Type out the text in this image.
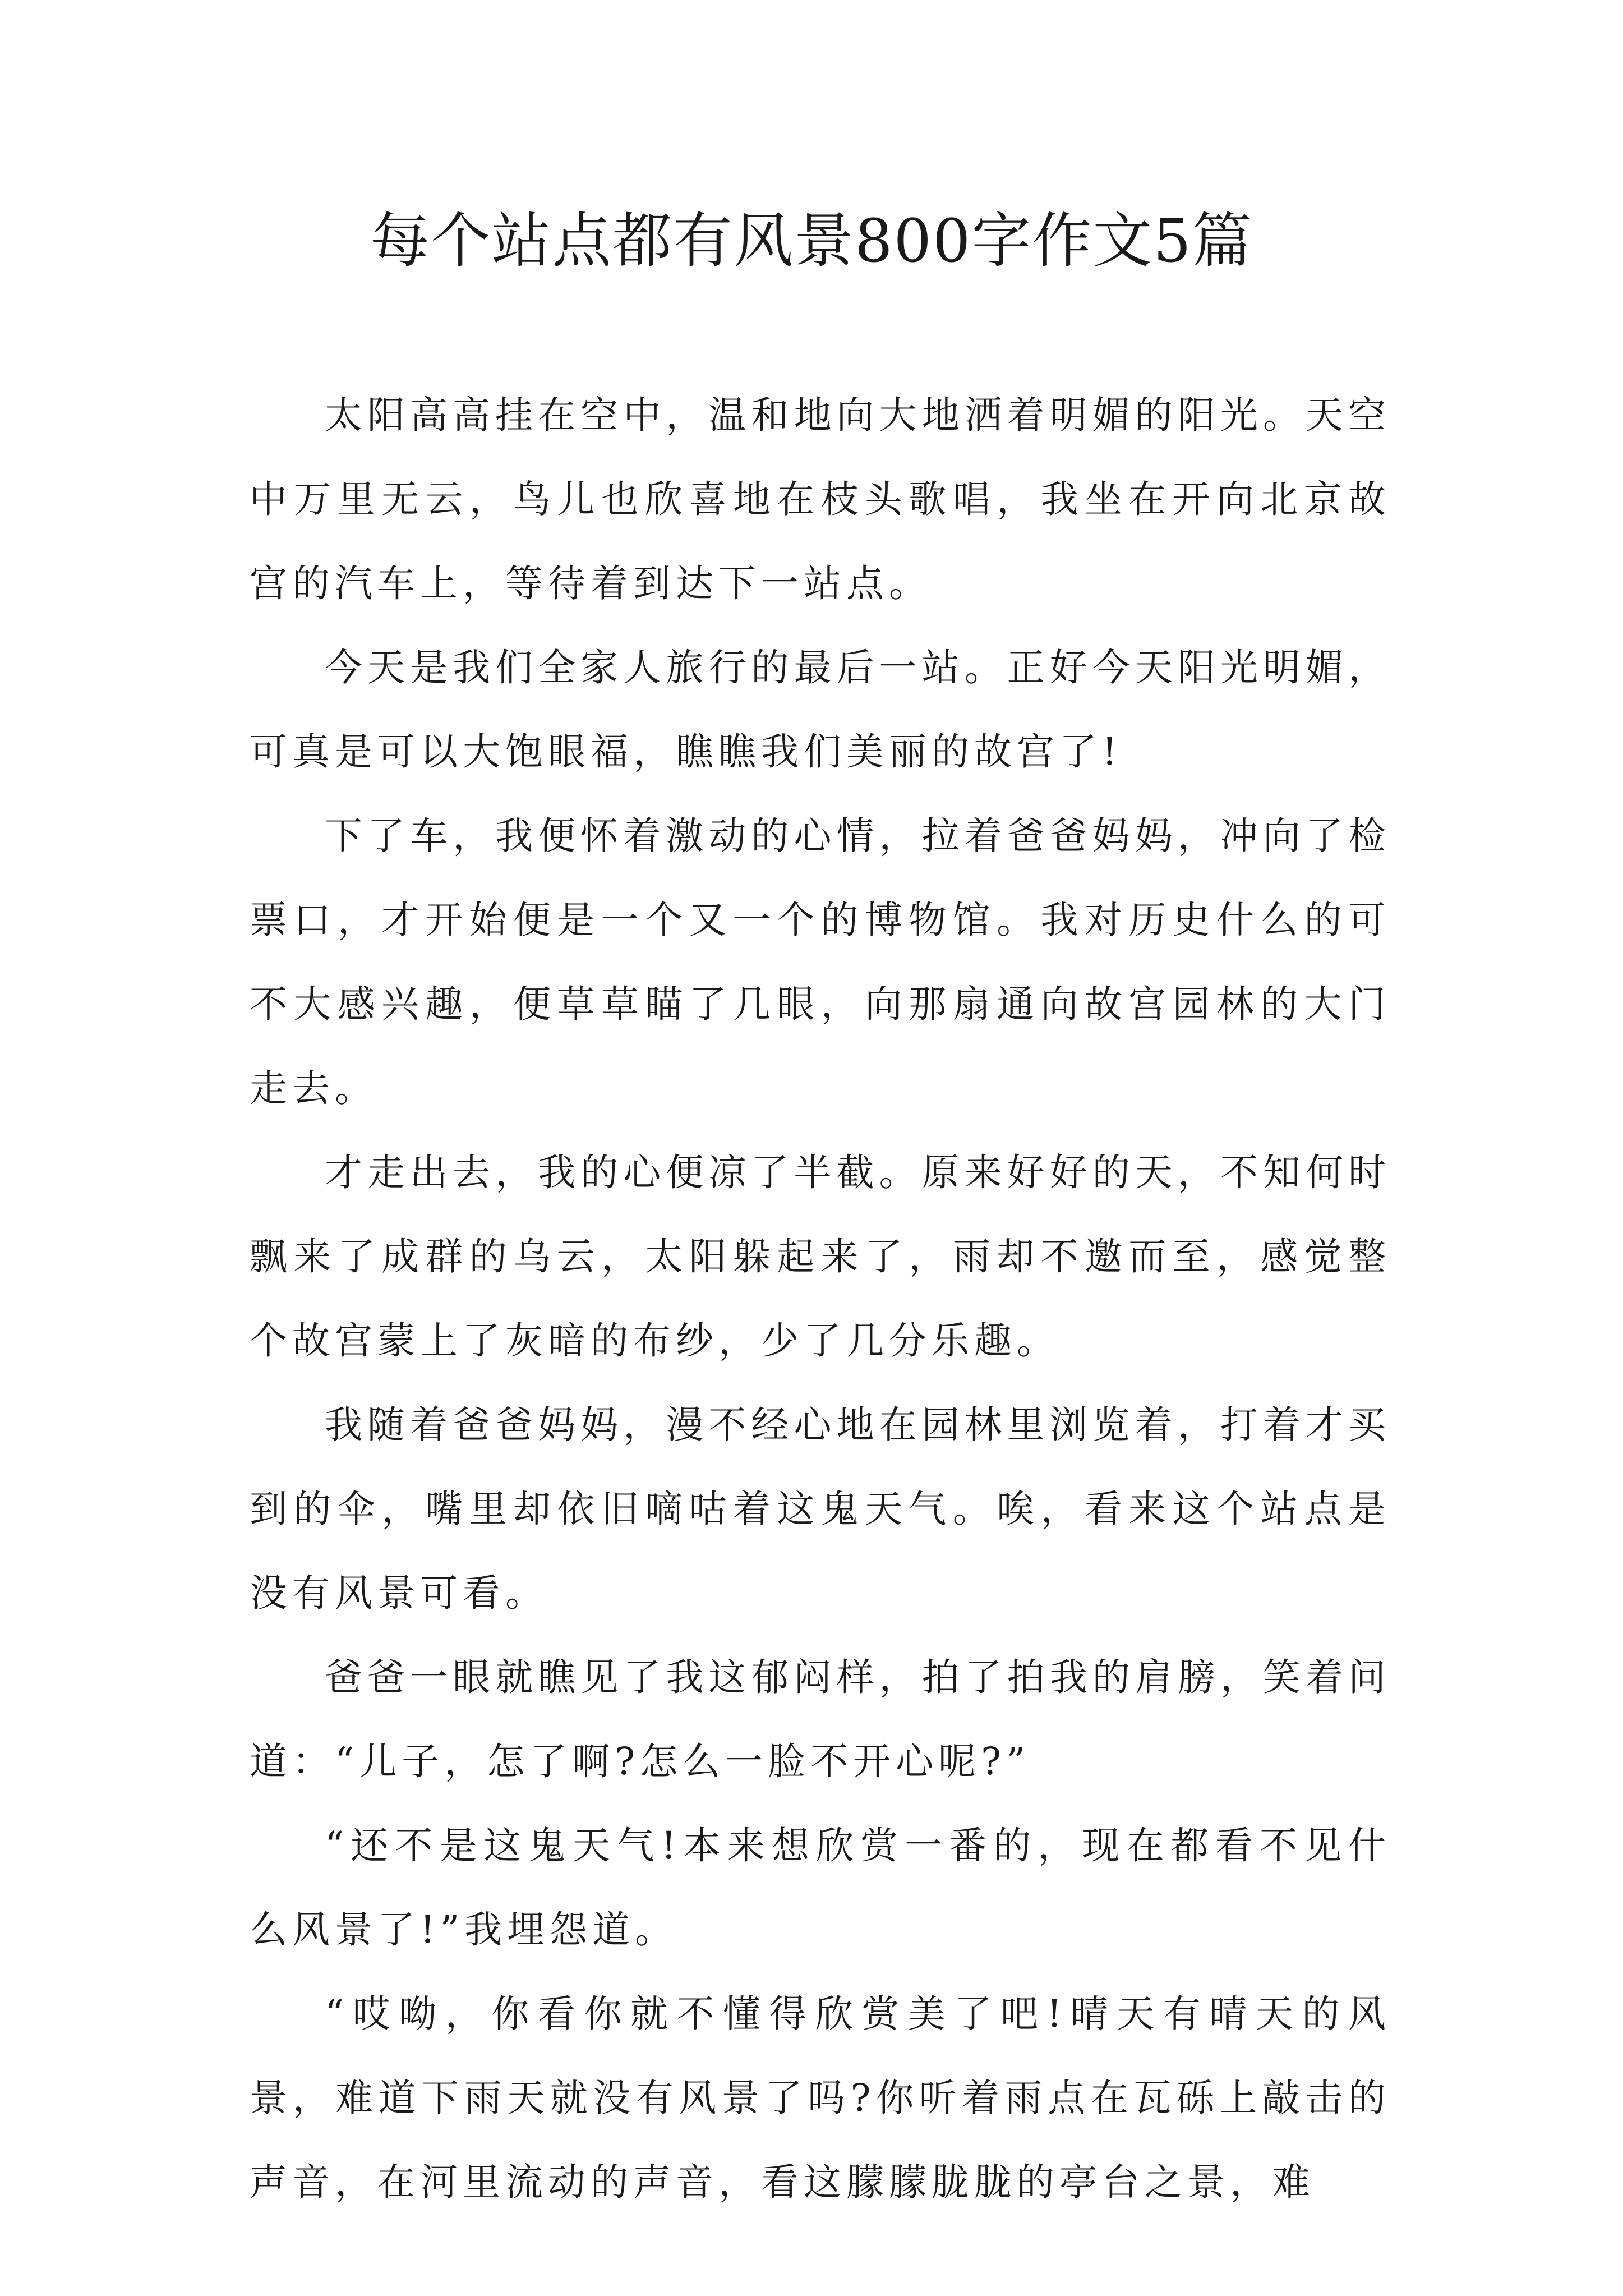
每个站点都有风景800字作文5篇

太阳高高挂在空中，温和地向大地洒着明媚的阳光。天空中万里无云，鸟儿也欣喜地在枝头歌唱，我坐在开向北京故宫的汽车上，等待着到达下一站点。

今天是我们全家人旅行的最后一站。正好今天阳光明媚，可真是可以大饱眼福，瞧瞧我们美丽的故宫了!

下了车，我便怀着激动的心情，拉着爸爸妈妈，冲向了检票口，才开始便是一个又一个的博物馆。我对历史什么的可不大感兴趣，便草草瞄了几眼，向那扇通向故宫园林的大门走去。

才走出去，我的心便凉了半截。原来好好的天，不知何时飘来了成群的乌云，太阳躲起来了，雨却不邀而至，感觉整个故宫蒙上了灰暗的布纱，少了几分乐趣。

我随着爸爸妈妈，漫不经心地在园林里浏览着，打着才买到的伞，嘴里却依旧嘀咕着这鬼天气。唉，看来这个站点是没有风景可看。

爸爸一眼就瞧见了我这郁闷样，拍了拍我的肩膀，笑着问道：“儿子，怎了啊?怎么一脸不开心呢?”

“还不是这鬼天气!本来想欣赏一番的，现在都看不见什么风景了!”我埋怨道。

“哎呦，你看你就不懂得欣赏美了吧!晴天有晴天的风景，难道下雨天就没有风景了吗?你听着雨点在瓦砾上敲击的声音，在河里流动的声音，看这朦朦胧胧的亭台之景，难
